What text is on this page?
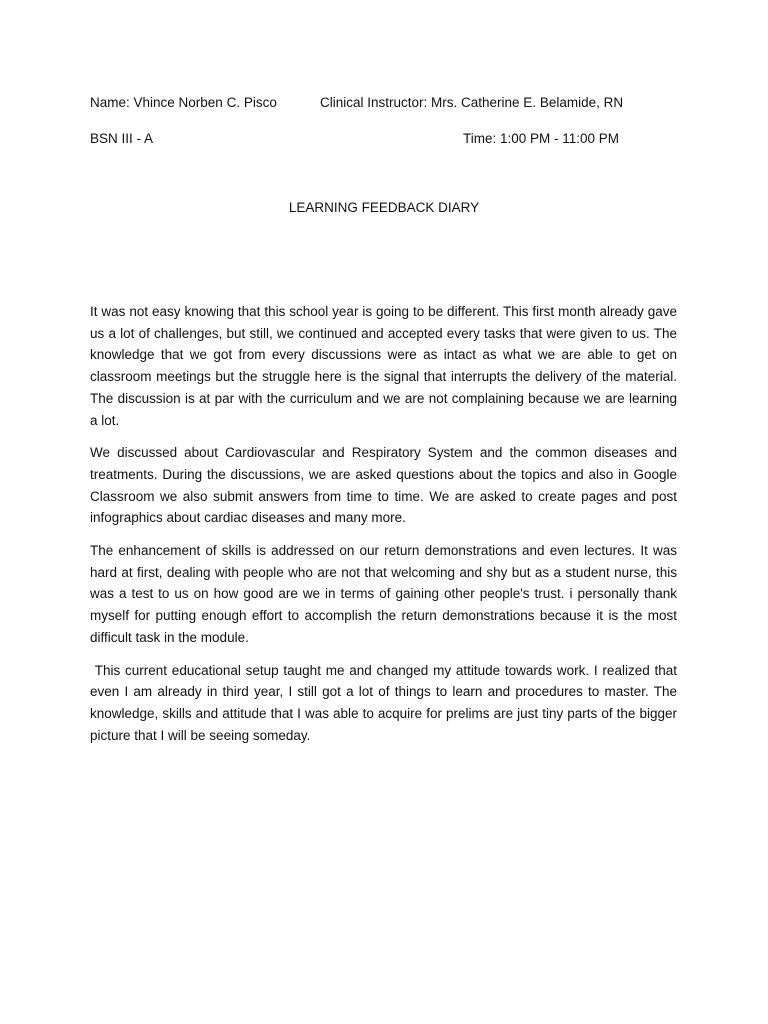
Name: Vhince Norben C. Pisco	Clinical Instructor: Mrs. Catherine E. Belamide, RN
BSN III - A	Time: 1:00 PM - 11:00 PM
LEARNING FEEDBACK DIARY

It was not easy knowing that this school year is going to be different. This first month already gave us a lot of challenges, but still, we continued and accepted every tasks that were given to us. The knowledge that we got from every discussions were as intact as what we are able to get on classroom meetings but the struggle here is the signal that interrupts the delivery of the material. The discussion is at par with the curriculum and we are not complaining because we are learning a lot.

We discussed about Cardiovascular and Respiratory System and the common diseases and treatments. During the discussions, we are asked questions about the topics and also in Google Classroom we also submit answers from time to time. We are asked to create pages and post infographics about cardiac diseases and many more.

The enhancement of skills is addressed on our return demonstrations and even lectures. It was hard at first, dealing with people who are not that welcoming and shy but as a student nurse, this was a test to us on how good are we in terms of gaining other people's trust. i personally thank myself for putting enough effort to accomplish the return demonstrations because it is the most difficult task in the module.

This current educational setup taught me and changed my attitude towards work. I realized that even I am already in third year, I still got a lot of things to learn and procedures to master. The knowledge, skills and attitude that I was able to acquire for prelims are just tiny parts of the bigger picture that I will be seeing someday.
